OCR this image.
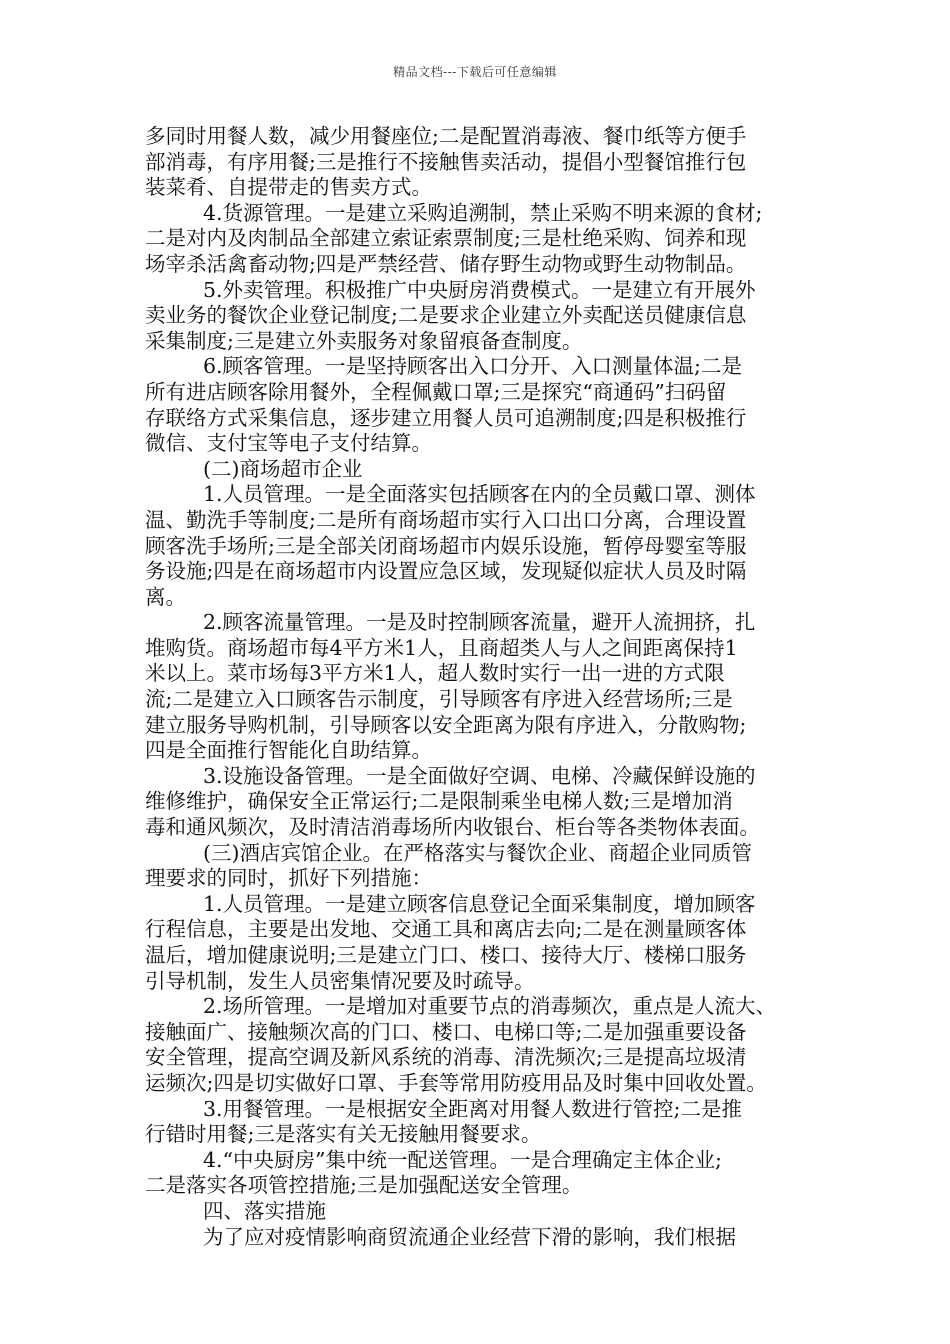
精品文档---下载后可任意编辑
多同时用餐人数，减少用餐座位;二是配置消毒液、餐巾纸等方便手
部消毒，有序用餐;三是推行不接触售卖活动，提倡小型餐馆推行包
装菜肴、自提带走的售卖方式。
4.货源管理。一是建立采购追溯制，禁止采购不明来源的食材;
二是对内及肉制品全部建立索证索票制度;三是杜绝采购、饲养和现
场宰杀活禽畜动物;四是严禁经营、储存野生动物或野生动物制品。
5.外卖管理。积极推广中央厨房消费模式。一是建立有开展外
卖业务的餐饮企业登记制度;二是要求企业建立外卖配送员健康信息
采集制度;三是建立外卖服务对象留痕备查制度。
6.顾客管理。一是坚持顾客出入口分开、入口测量体温;二是
所有进店顾客除用餐外，全程佩戴口罩;三是探究“商通码”扫码留
存联络方式采集信息，逐步建立用餐人员可追溯制度;四是积极推行
微信、支付宝等电子支付结算。
(二)商场超市企业
1.人员管理。一是全面落实包括顾客在内的全员戴口罩、测体
温、勤洗手等制度;二是所有商场超市实行入口出口分离，合理设置
顾客洗手场所;三是全部关闭商场超市内娱乐设施，暂停母婴室等服
务设施;四是在商场超市内设置应急区域，发现疑似症状人员及时隔
离。
2.顾客流量管理。一是及时控制顾客流量，避开人流拥挤，扎
堆购货。商场超市每4平方米1人，且商超类人与人之间距离保持1
米以上。菜市场每3平方米1人，超人数时实行一出一进的方式限
流;二是建立入口顾客告示制度，引导顾客有序进入经营场所;三是
建立服务导购机制，引导顾客以安全距离为限有序进入，分散购物;
四是全面推行智能化自助结算。
3.设施设备管理。一是全面做好空调、电梯、冷藏保鲜设施的
维修维护，确保安全正常运行;二是限制乘坐电梯人数;三是增加消
毒和通风频次，及时清洁消毒场所内收银台、柜台等各类物体表面。
(三)酒店宾馆企业。在严格落实与餐饮企业、商超企业同质管
理要求的同时，抓好下列措施：
1.人员管理。一是建立顾客信息登记全面采集制度，增加顾客
行程信息，主要是出发地、交通工具和离店去向;二是在测量顾客体
温后，增加健康说明;三是建立门口、楼口、接待大厅、楼梯口服务
引导机制，发生人员密集情况要及时疏导。
2.场所管理。一是增加对重要节点的消毒频次，重点是人流大、
接触面广、接触频次高的门口、楼口、电梯口等;二是加强重要设备
安全管理，提高空调及新风系统的消毒、清洗频次;三是提高垃圾清
运频次;四是切实做好口罩、手套等常用防疫用品及时集中回收处置。
3.用餐管理。一是根据安全距离对用餐人数进行管控;二是推
行错时用餐;三是落实有关无接触用餐要求。
4.“中央厨房”集中统一配送管理。一是合理确定主体企业;
二是落实各项管控措施;三是加强配送安全管理。
四、落实措施
为了应对疫情影响商贸流通企业经营下滑的影响，我们根据
